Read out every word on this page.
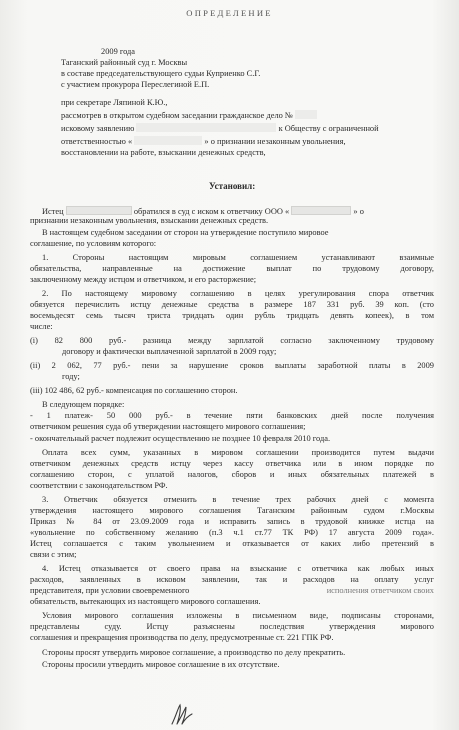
ОПРЕДЕЛЕНИЕ
2009 года
Таганский районный суд г. Москвы
в составе председательствующего судьи Куприенко С.Г.
с участием прокурора Переслегиной Е.П.
при секретаре Ляпиной К.Ю.,
рассмотрев в открытом судебном заседании гражданское дело №
исковому заявлению	к Обществу с ограниченной
ответственностью «	» о признании незаконным увольнения,
восстановлении на работе, взыскании денежных средств,
Установил:
Истец	обратился в суд с иском к ответчику ООО «	» о
признании незаконным увольнения, взыскании денежных средств.
В настоящем судебном заседании от сторон на утверждение поступило мировое
соглашение, по условиям которого:
1. Стороны настоящим мировым соглашением устанавливают взаимные
обязательства, направленные на достижение выплат по трудовому договору,
заключенному между истцом и ответчиком, и его расторжение;
2. По настоящему мировому соглашению в целях урегулирования спора ответчик
обязуется перечислить истцу денежные средства в размере 187 331 руб. 39 коп. (сто
восемьдесят семь тысяч триста тридцать один рубль тридцать девять копеек), в том
числе:
(i) 82 800 руб.- разница между зарплатой согласно заключенному трудовому
договору и фактически выплаченной зарплатой в 2009 году;
(ii) 2 062, 77 руб.- пени за нарушение сроков выплаты заработной платы в 2009
году;
(iii) 102 486, 62 руб.- компенсация по соглашению сторон.
В следующем порядке:
- 1 платеж- 50 000 руб.- в течение пяти банковских дней после получения
ответчиком решения суда об утверждении настоящего мирового соглашения;
- окончательный расчет подлежит осуществлению не позднее 10 февраля 2010 года.
Оплата всех сумм, указанных в мировом соглашении производится путем выдачи
ответчиком денежных средств истцу через кассу ответчика или в ином порядке по
соглашению сторон, с уплатой налогов, сборов и иных обязательных платежей в
соответствии с законодательством РФ.
3. Ответчик обязуется отменить в течение трех рабочих дней с момента
утверждения настоящего мирового соглашения Таганским районным судом г.Москвы
Приказ № 84 от 23.09.2009 года и исправить запись в трудовой книжке истца на
«увольнение по собственному желанию (п.3 ч.1 ст.77 ТК РФ) 17 августа 2009 года».
Истец соглашается с таким увольнением и отказывается от каких либо претензий в
связи с этим;
4. Истец отказывается от своего права на взыскание с ответчика как любых иных
расходов, заявленных в исковом заявлении, так и расходов на оплату услуг
представителя, при условии своевременного	исполнения ответчиком своих
обязательств, вытекающих из настоящего мирового соглашения.
Условия мирового соглашения изложены в письменном виде, подписаны сторонами,
представлены суду. Истцу разъяснены последствия утверждения мирового
соглашения и прекращения производства по делу, предусмотренные ст. 221 ГПК РФ.
Стороны просят утвердить мировое соглашение, а производство по делу прекратить.
Стороны просили утвердить мировое соглашение в их отсутствие.
